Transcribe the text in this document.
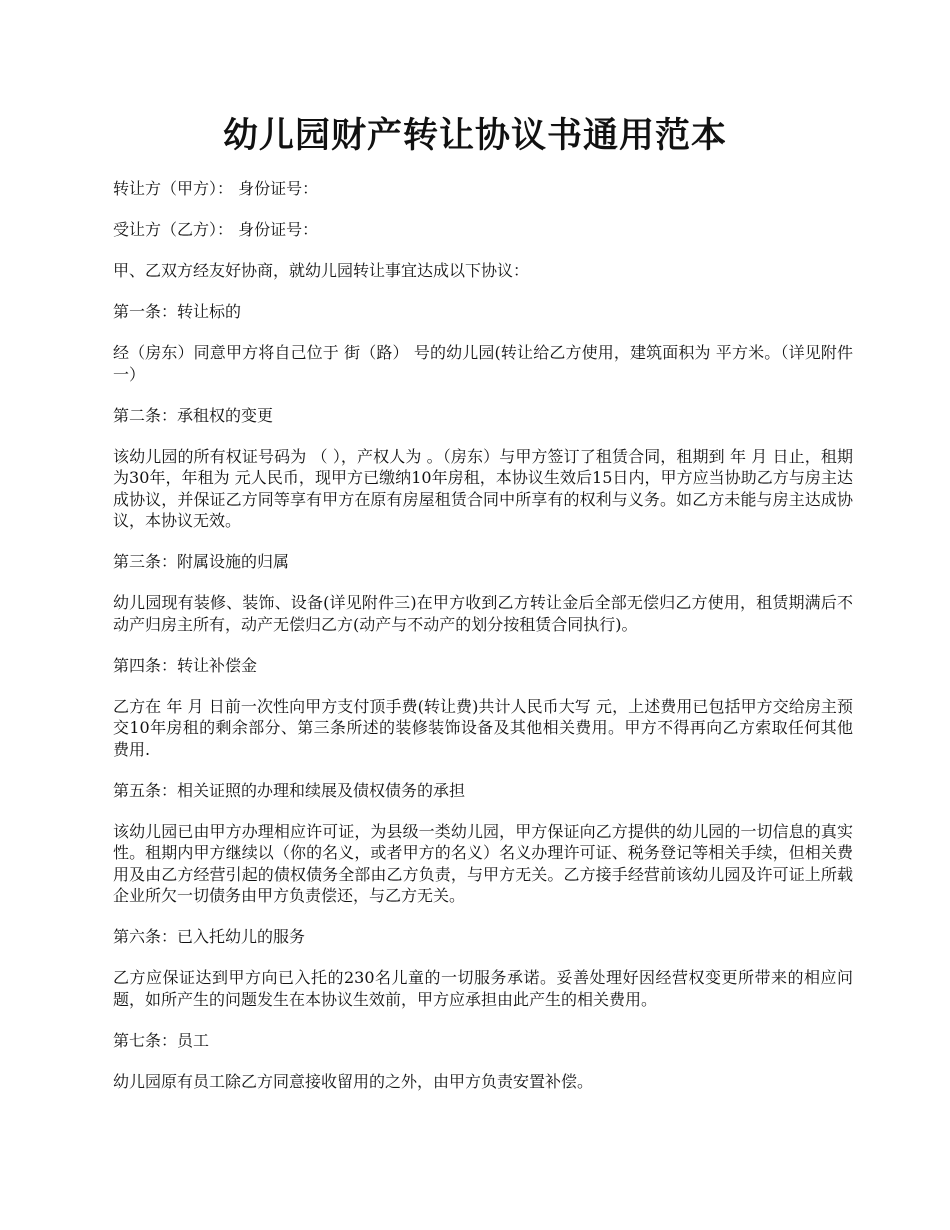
幼儿园财产转让协议书通用范本

转让方（甲方）： 身份证号：

受让方（乙方）： 身份证号：

甲、乙双方经友好协商，就幼儿园转让事宜达成以下协议：

第一条：转让标的

经（房东）同意甲方将自己位于 街（路） 号的幼儿园(转让给乙方使用，建筑面积为 平方米。（详见附件一）

第二条：承租权的变更

该幼儿园的所有权证号码为 （ ），产权人为 。（房东）与甲方签订了租赁合同，租期到 年 月 日止，租期为30年，年租为 元人民币，现甲方已缴纳10年房租，本协议生效后15日内，甲方应当协助乙方与房主达成协议，并保证乙方同等享有甲方在原有房屋租赁合同中所享有的权利与义务。如乙方未能与房主达成协议，本协议无效。

第三条：附属设施的归属

幼儿园现有装修、装饰、设备(详见附件三)在甲方收到乙方转让金后全部无偿归乙方使用，租赁期满后不动产归房主所有，动产无偿归乙方(动产与不动产的划分按租赁合同执行)。

第四条：转让补偿金

乙方在 年 月 日前一次性向甲方支付顶手费(转让费)共计人民币大写 元，上述费用已包括甲方交给房主预交10年房租的剩余部分、第三条所述的装修装饰设备及其他相关费用。甲方不得再向乙方索取任何其他费用.

第五条：相关证照的办理和续展及债权债务的承担

该幼儿园已由甲方办理相应许可证，为县级一类幼儿园，甲方保证向乙方提供的幼儿园的一切信息的真实性。租期内甲方继续以（你的名义，或者甲方的名义）名义办理许可证、税务登记等相关手续，但相关费用及由乙方经营引起的债权债务全部由乙方负责，与甲方无关。乙方接手经营前该幼儿园及许可证上所载企业所欠一切债务由甲方负责偿还，与乙方无关。

第六条：已入托幼儿的服务

乙方应保证达到甲方向已入托的230名儿童的一切服务承诺。妥善处理好因经营权变更所带来的相应问题，如所产生的问题发生在本协议生效前，甲方应承担由此产生的相关费用。

第七条：员工

幼儿园原有员工除乙方同意接收留用的之外，由甲方负责安置补偿。
